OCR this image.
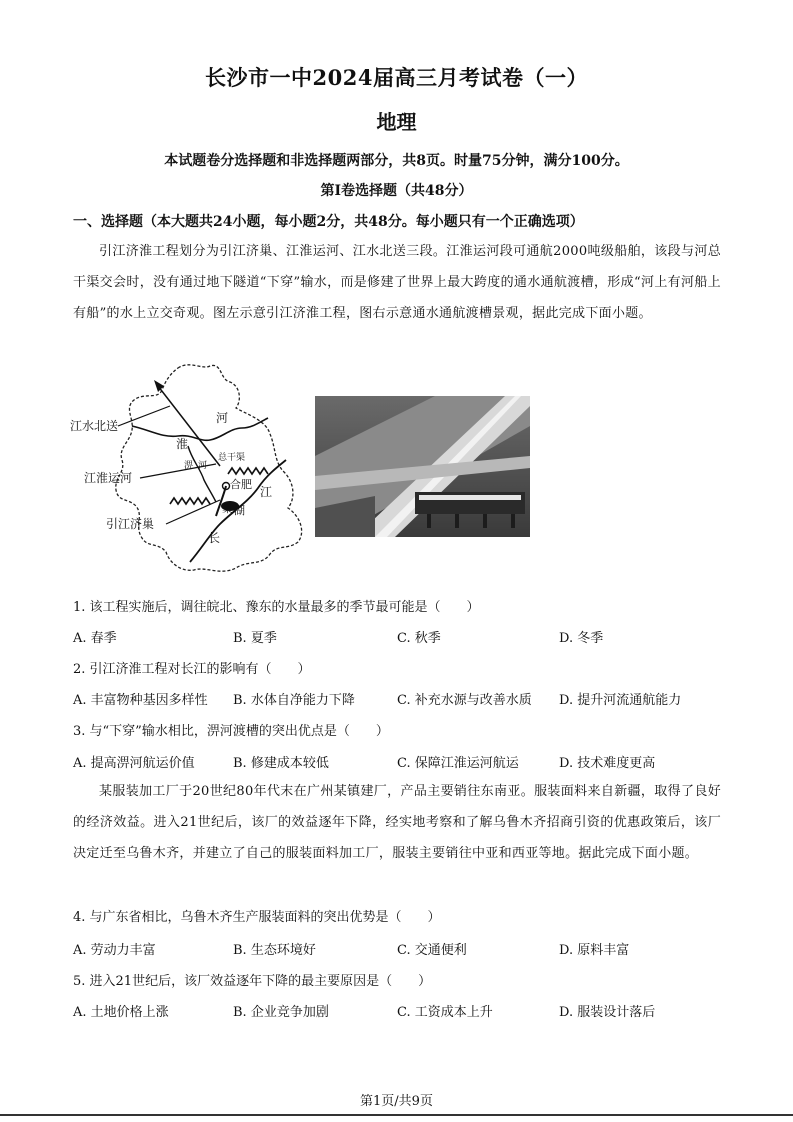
长沙市一中2024届高三月考试卷（一）
地理
本试题卷分选择题和非选择题两部分，共8页。时量75分钟，满分100分。
第Ⅰ卷选择题（共48分）
一、选择题（本大题共24小题，每小题2分，共48分。每小题只有一个正确选项）
引江济淮工程划分为引江济巢、江淮运河、江水北送三段。江淮运河段可通航2000吨级船舶，该段与河总干渠交会时，没有通过地下隧道“下穿”输水，而是修建了世界上最大跨度的通水通航渡槽，形成“河上有河船上有船”的水上立交奇观。图左示意引江济淮工程，图右示意通水通航渡槽景观，据此完成下面小题。
江水北送
江淮运河
引江济巢
河
淮
总干渠
淠 河
合肥
巢 湖
江
长
1. 该工程实施后，调往皖北、豫东的水量最多的季节最可能是（　　）
A. 春季	B. 夏季	C. 秋季	D. 冬季
2. 引江济淮工程对长江的影响有（　　）
A. 丰富物种基因多样性 B. 水体自净能力下降	C. 补充水源与改善水质 D. 提升河流通航能力
3. 与“下穿”输水相比，淠河渡槽的突出优点是（　　）
A. 提高淠河航运价值	B. 修建成本较低	C. 保障江淮运河航运	D. 技术难度更高
某服装加工厂于20世纪80年代末在广州某镇建厂，产品主要销往东南亚。服装面料来自新疆，取得了良好的经济效益。进入21世纪后，该厂的效益逐年下降，经实地考察和了解乌鲁木齐招商引资的优惠政策后，该厂决定迁至乌鲁木齐，并建立了自己的服装面料加工厂，服装主要销往中亚和西亚等地。据此完成下面小题。
4. 与广东省相比，乌鲁木齐生产服装面料的突出优势是（　　）
A. 劳动力丰富	B. 生态环境好	C. 交通便利	D. 原料丰富
5. 进入21世纪后，该厂效益逐年下降的最主要原因是（　　）
A. 土地价格上涨	B. 企业竞争加剧	C. 工资成本上升	D. 服装设计落后
第1页/共9页
